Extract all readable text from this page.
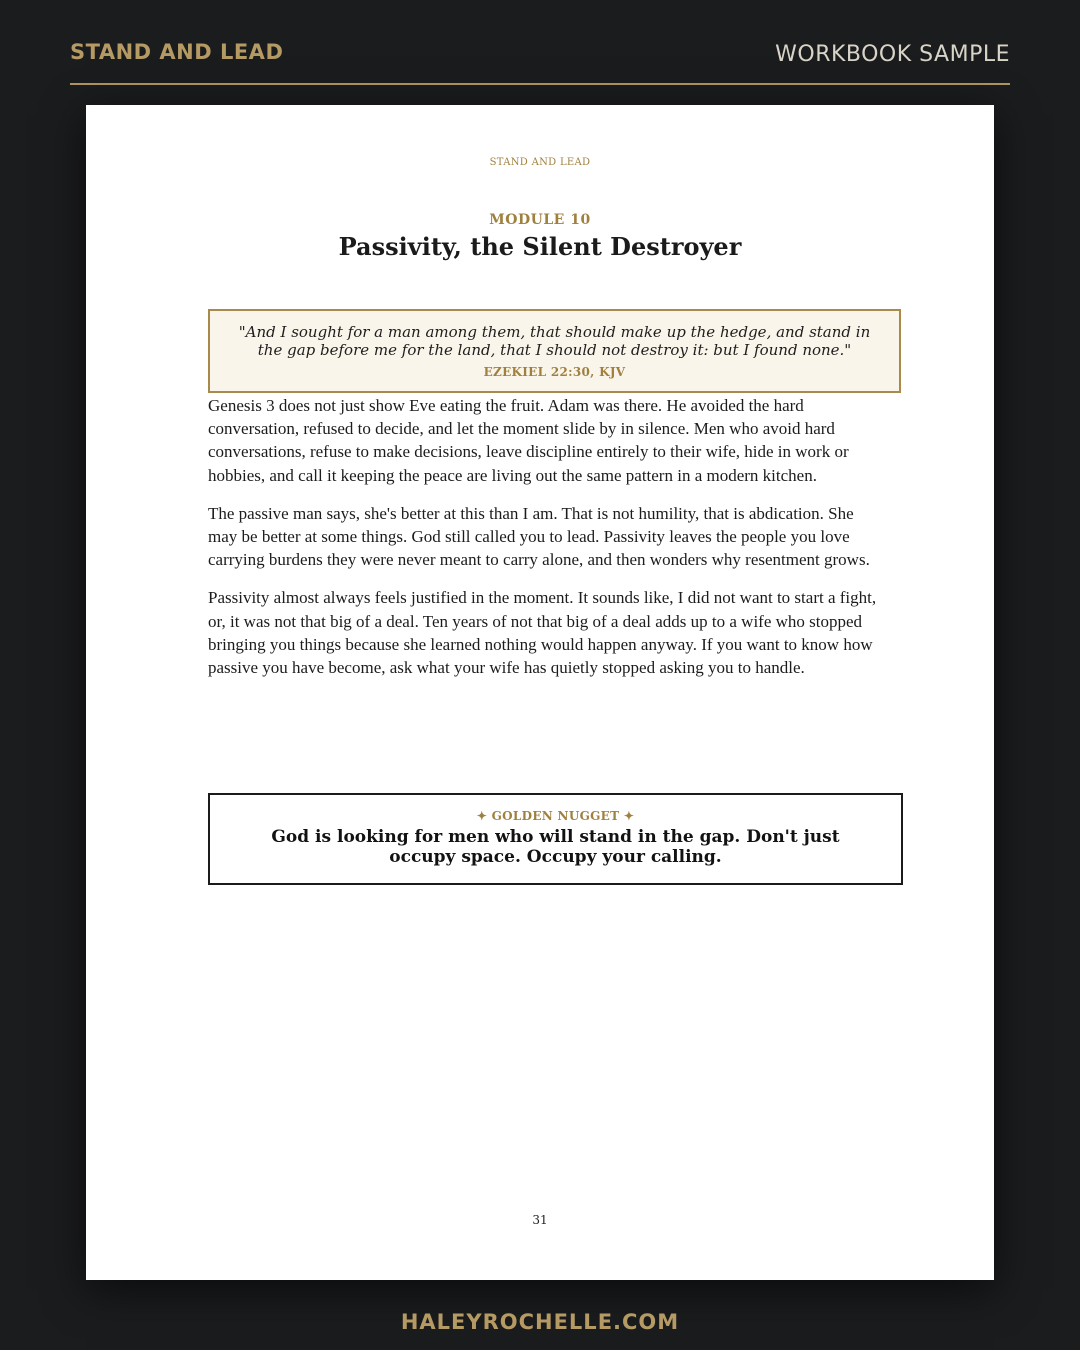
STAND AND LEAD	WORKBOOK SAMPLE
STAND AND LEAD
MODULE 10
Passivity, the Silent Destroyer
"And I sought for a man among them, that should make up the hedge, and stand in the gap before me for the land, that I should not destroy it: but I found none."
EZEKIEL 22:30, KJV

Genesis 3 does not just show Eve eating the fruit. Adam was there. He avoided the hard conversation, refused to decide, and let the moment slide by in silence. Men who avoid hard conversations, refuse to make decisions, leave discipline entirely to their wife, hide in work or hobbies, and call it keeping the peace are living out the same pattern in a modern kitchen.

The passive man says, she's better at this than I am. That is not humility, that is abdication. She may be better at some things. God still called you to lead. Passivity leaves the people you love carrying burdens they were never meant to carry alone, and then wonders why resentment grows.

Passivity almost always feels justified in the moment. It sounds like, I did not want to start a fight, or, it was not that big of a deal. Ten years of not that big of a deal adds up to a wife who stopped bringing you things because she learned nothing would happen anyway. If you want to know how passive you have become, ask what your wife has quietly stopped asking you to handle.

✦ GOLDEN NUGGET ✦
God is looking for men who will stand in the gap. Don't just occupy space. Occupy your calling.
31
HALEYROCHELLE.COM
